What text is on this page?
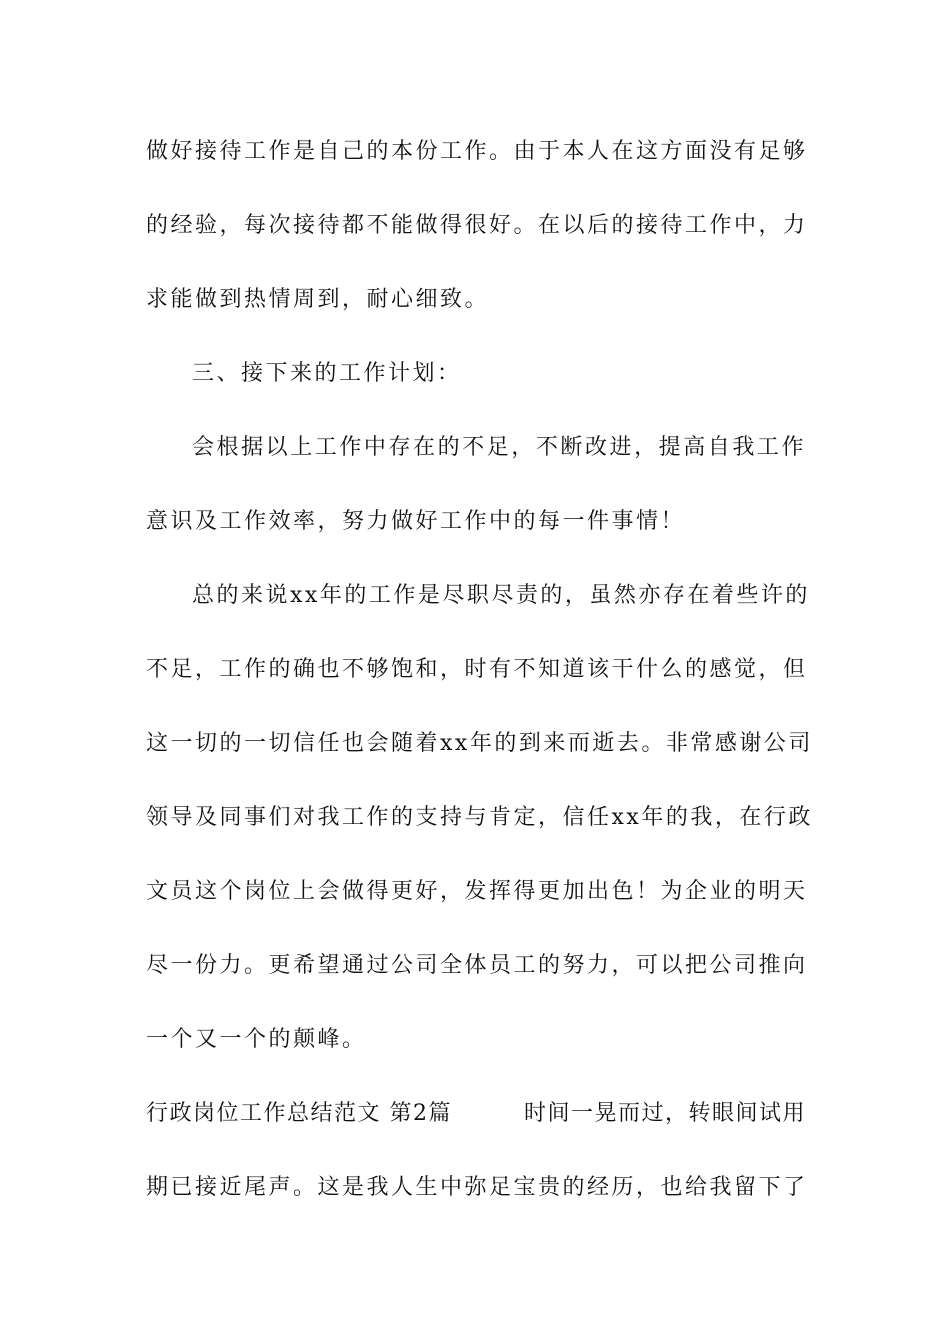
做好接待工作是自己的本份工作。由于本人在这方面没有足够
的经验，每次接待都不能做得很好。在以后的接待工作中，力
求能做到热情周到，耐心细致。
三、接下来的工作计划：
会根据以上工作中存在的不足，不断改进，提高自我工作
意识及工作效率，努力做好工作中的每一件事情！
总的来说xx年的工作是尽职尽责的，虽然亦存在着些许的
不足，工作的确也不够饱和，时有不知道该干什么的感觉，但
这一切的一切信任也会随着xx年的到来而逝去。非常感谢公司
领导及同事们对我工作的支持与肯定，信任xx年的我，在行政
文员这个岗位上会做得更好，发挥得更加出色！为企业的明天
尽一份力。更希望通过公司全体员工的努力，可以把公司推向
一个又一个的颠峰。
行政岗位工作总结范文 第2篇	时间一晃而过，转眼间试用
期已接近尾声。这是我人生中弥足宝贵的经历，也给我留下了
